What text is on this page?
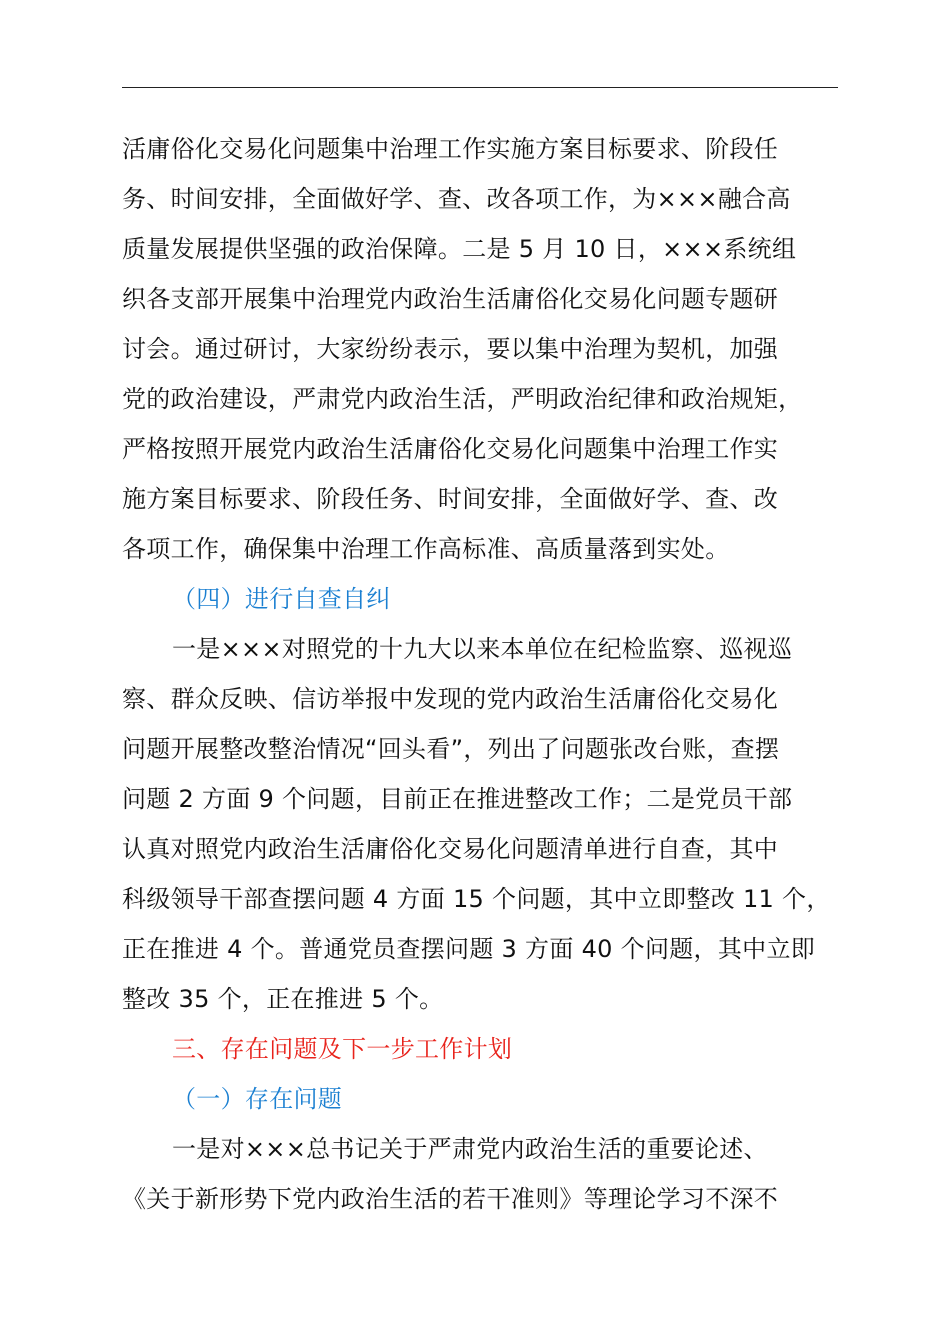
活庸俗化交易化问题集中治理工作实施方案目标要求、阶段任
务、时间安排，全面做好学、查、改各项工作，为×××融合高
质量发展提供坚强的政治保障。二是 5 月 10 日，×××系统组
织各支部开展集中治理党内政治生活庸俗化交易化问题专题研
讨会。通过研讨，大家纷纷表示，要以集中治理为契机，加强
党的政治建设，严肃党内政治生活，严明政治纪律和政治规矩，
严格按照开展党内政治生活庸俗化交易化问题集中治理工作实
施方案目标要求、阶段任务、时间安排，全面做好学、查、改
各项工作，确保集中治理工作高标准、高质量落到实处。
（四）进行自查自纠
一是×××对照党的十九大以来本单位在纪检监察、巡视巡
察、群众反映、信访举报中发现的党内政治生活庸俗化交易化
问题开展整改整治情况“回头看”，列出了问题张改台账，查摆
问题 2 方面 9 个问题，目前正在推进整改工作；二是党员干部
认真对照党内政治生活庸俗化交易化问题清单进行自查，其中
科级领导干部查摆问题 4 方面 15 个问题，其中立即整改 11 个，
正在推进 4 个。普通党员查摆问题 3 方面 40 个问题，其中立即
整改 35 个，正在推进 5 个。
三、存在问题及下一步工作计划
（一）存在问题
一是对×××总书记关于严肃党内政治生活的重要论述、
《关于新形势下党内政治生活的若干准则》等理论学习不深不
